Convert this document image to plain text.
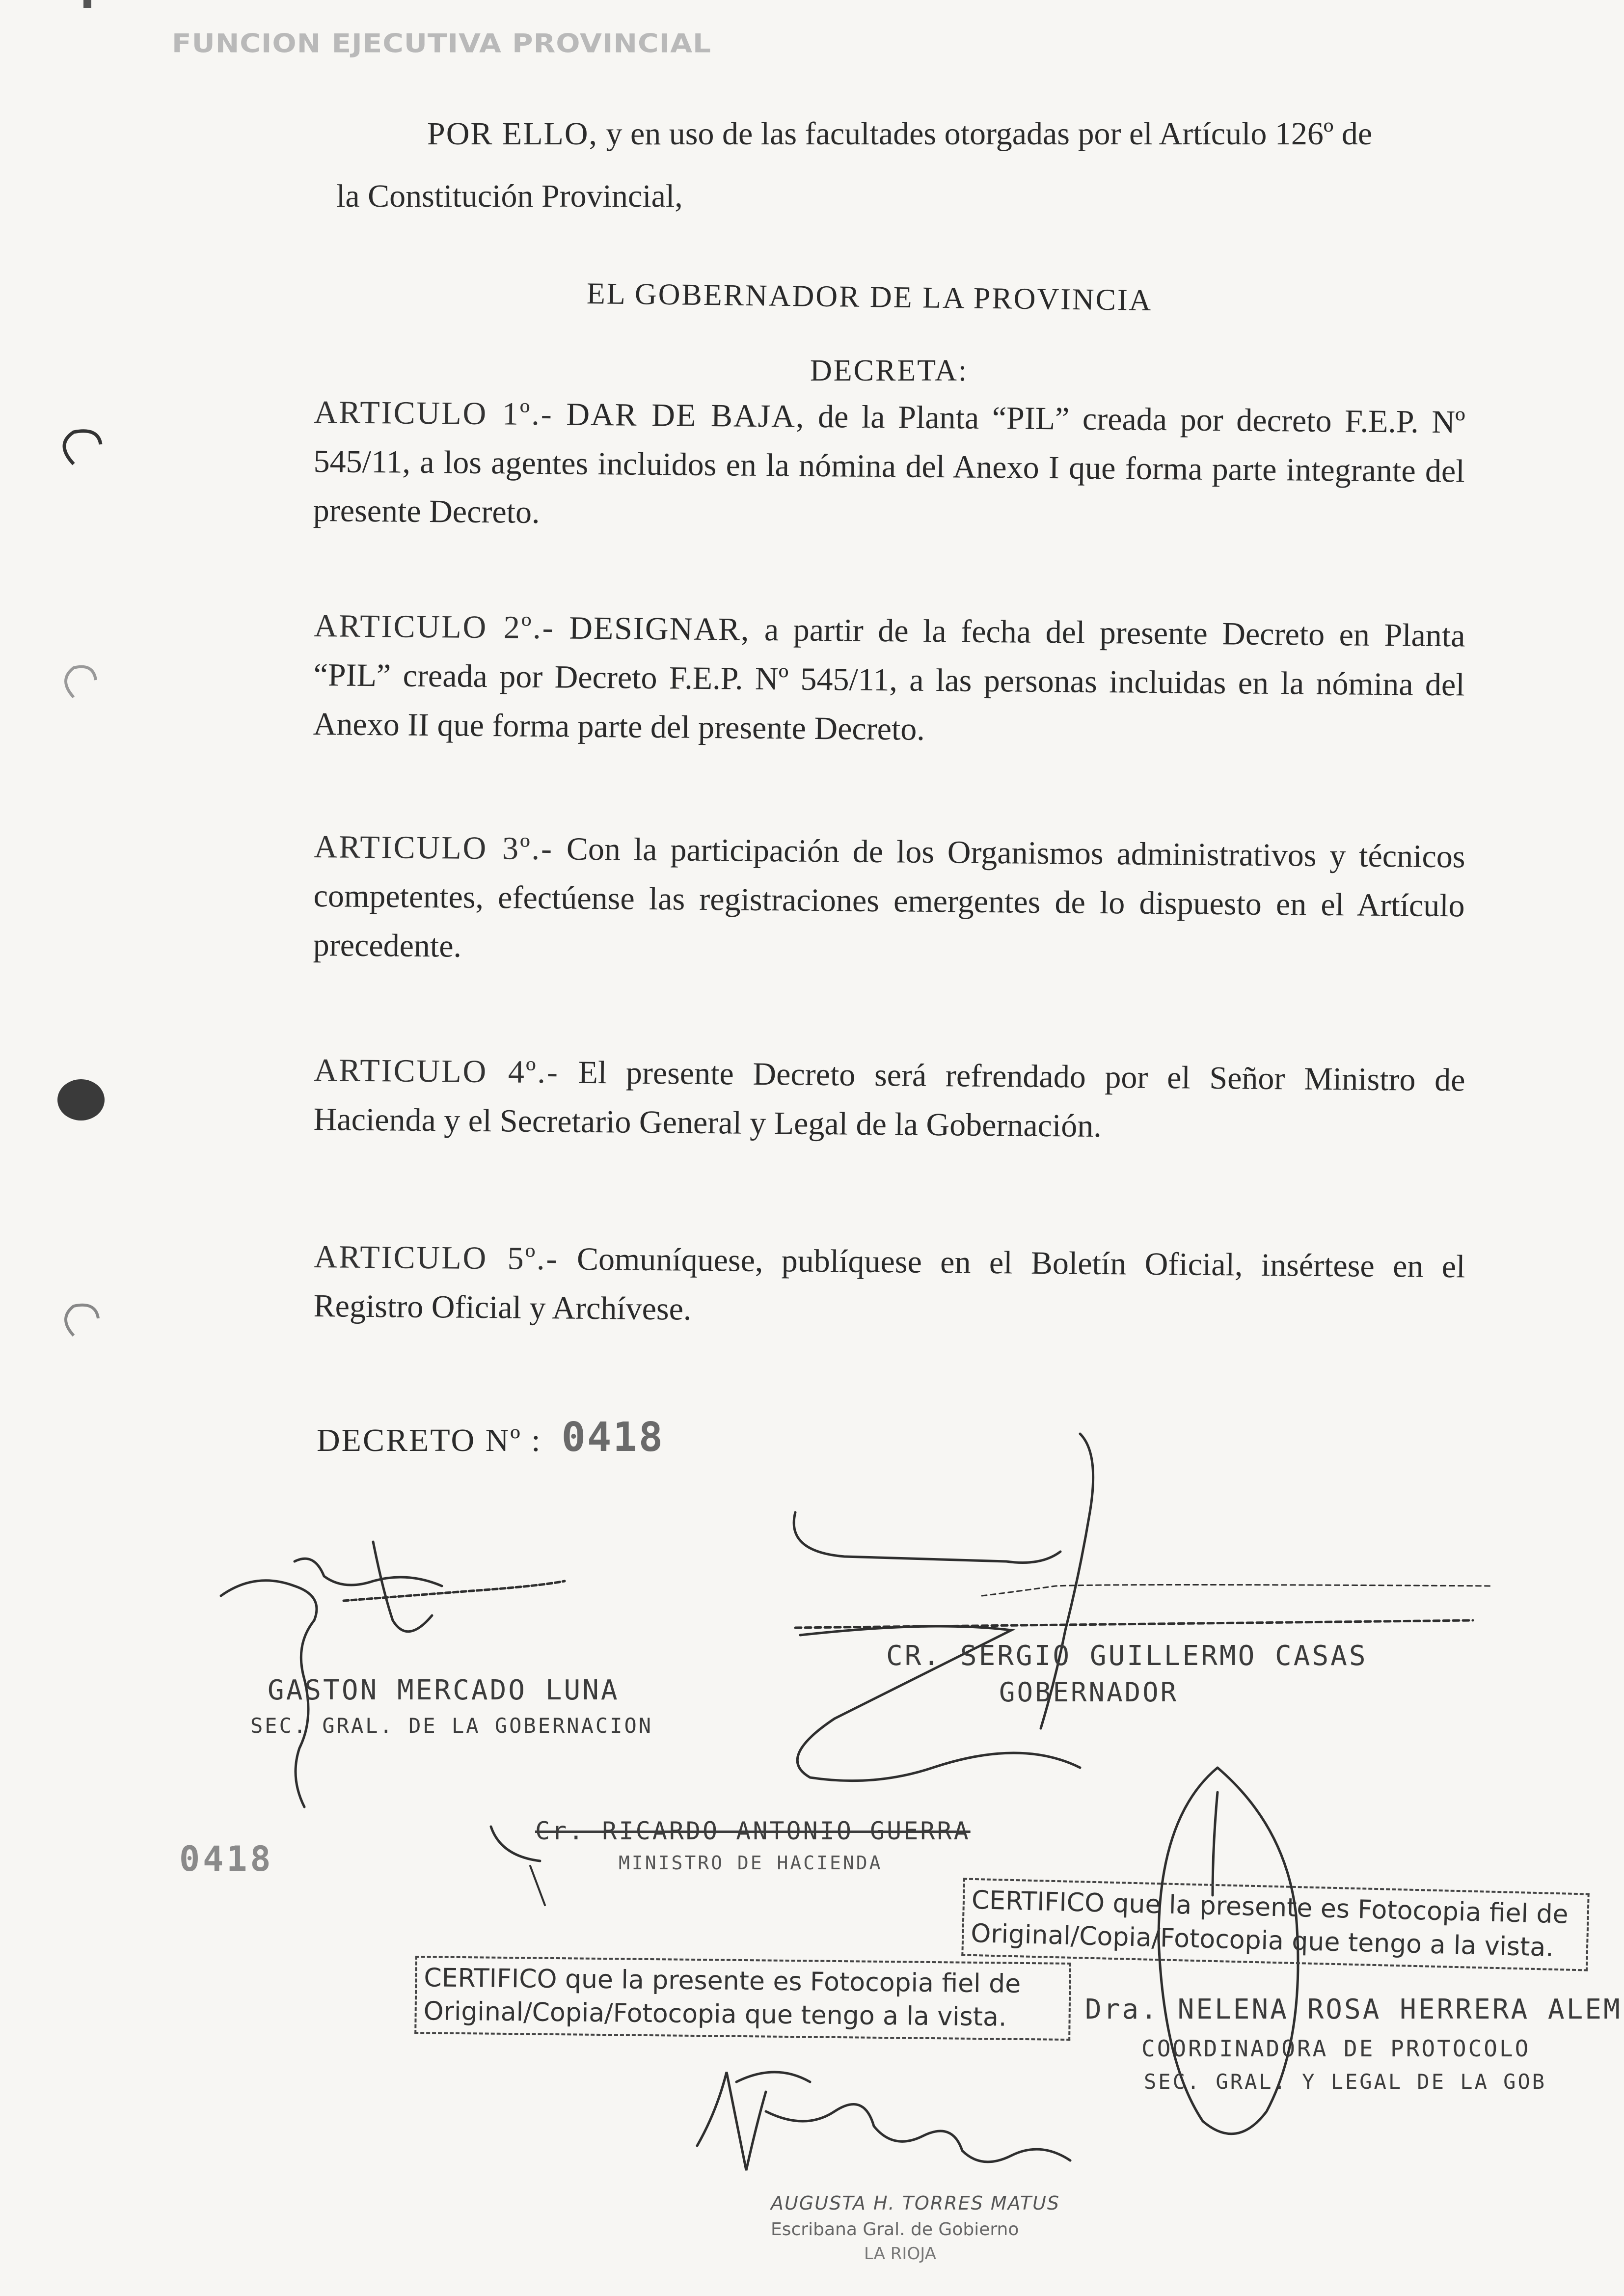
FUNCION EJECUTIVA PROVINCIAL
POR ELLO, y en uso de las facultades otorgadas por el Artículo 126º de
la Constitución Provincial,
EL GOBERNADOR DE LA PROVINCIA
DECRETA:
ARTICULO 1º.- DAR DE BAJA, de la Planta “PIL” creada por decreto F.E.P. Nº 545/11, a los agentes incluidos en la nómina del Anexo I que forma parte integrante del presente Decreto.
ARTICULO 2º.- DESIGNAR, a partir de la fecha del presente Decreto en Planta “PIL” creada por Decreto F.E.P. Nº 545/11, a las personas incluidas en la nómina del Anexo II que forma parte del presente Decreto.
ARTICULO 3º.- Con la participación de los Organismos administrativos y técnicos competentes, efectúense las registraciones emergentes de lo dispuesto en el Artículo precedente.
ARTICULO 4º.- El presente Decreto será refrendado por el Señor Ministro de Hacienda y el Secretario General y Legal de la Gobernación.
ARTICULO 5º.- Comuníquese, publíquese en el Boletín Oficial, insértese en el Registro Oficial y Archívese.
DECRETO Nº : 0418
GASTON MERCADO LUNA
SEC. GRAL. DE LA GOBERNACION
CR. SERGIO GUILLERMO CASAS
GOBERNADOR
0418
Cr. RICARDO ANTONIO GUERRA
MINISTRO DE HACIENDA
CERTIFICO que la presente es Fotocopia fiel de
Original/Copia/Fotocopia que tengo a la vista.
CERTIFICO que la presente es Fotocopia fiel de
Original/Copia/Fotocopia que tengo a la vista.	Dra. NELENA ROSA HERRERA ALEM
COORDINADORA DE PROTOCOLO
SEC. GRAL. Y LEGAL DE LA GOB
AUGUSTA H. TORRES MATUS
Escribana Gral. de Gobierno
LA RIOJA
